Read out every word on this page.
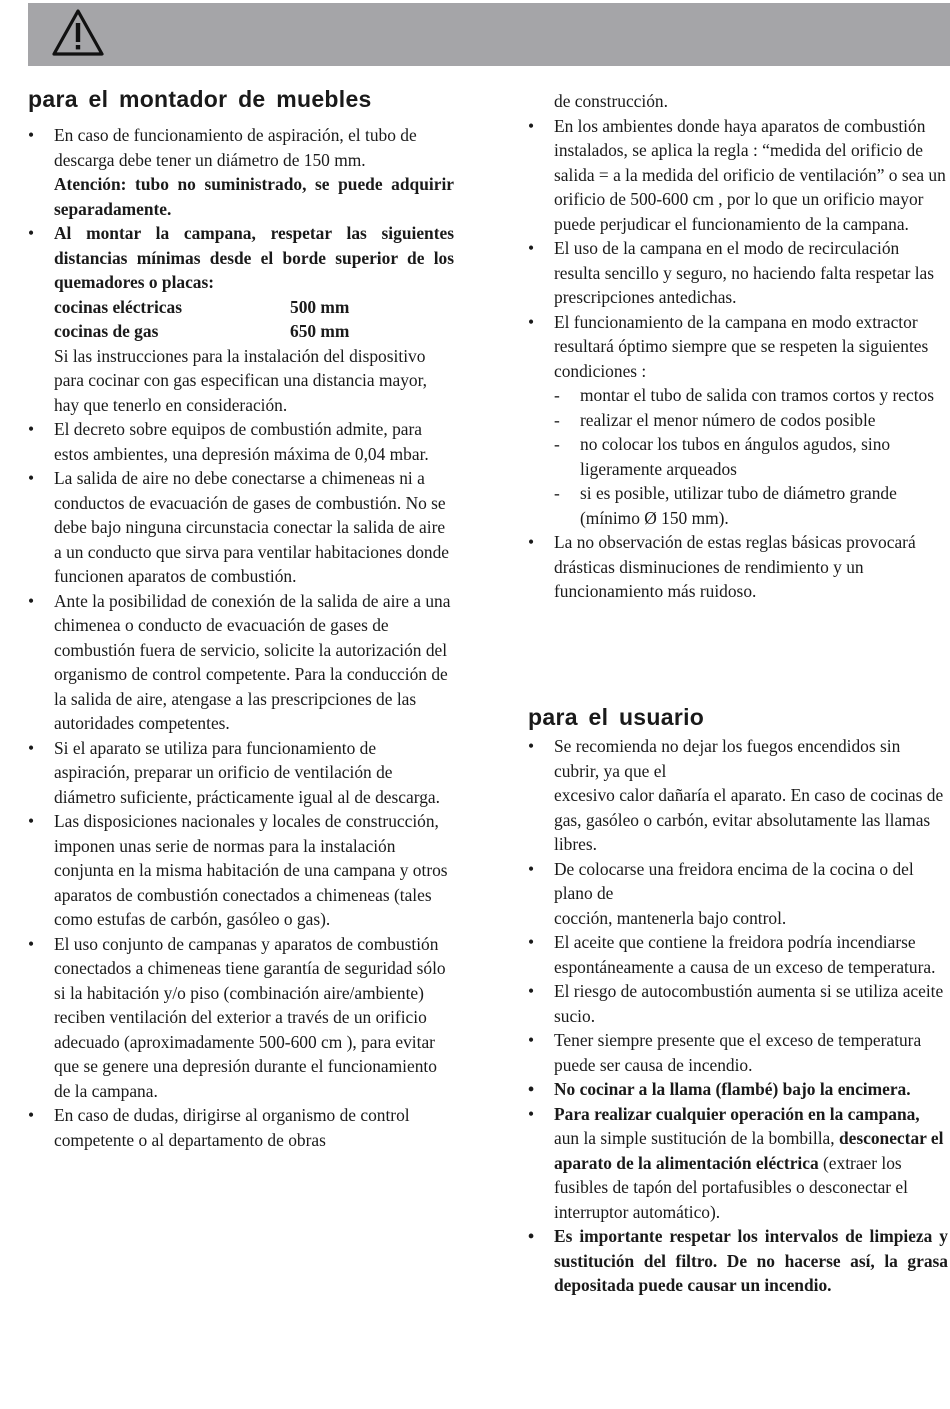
para el montador de muebles
• En caso de funcionamiento de aspiración, el tubo de descarga debe tener un diámetro de 150 mm.
Atención: tubo no suministrado, se puede adquirir separadamente.
• Al montar la campana, respetar las siguientes distancias mínimas desde el borde superior de los quemadores o placas:
cocinas eléctricas	500 mm
cocinas de gas	650 mm
Si las instrucciones para la instalación del dispositivo para cocinar con gas especifican una distancia mayor, hay que tenerlo en consideración.
• El decreto sobre equipos de combustión admite, para estos ambientes, una depresión máxima de 0,04 mbar.
• La salida de aire no debe conectarse a chimeneas ni a conductos de evacuación de gases de combustión. No se debe bajo ninguna circunstacia conectar la salida de aire a un conducto que sirva para ventilar habitaciones donde funcionen aparatos de combustión.
• Ante la posibilidad de conexión de la salida de aire a una chimenea o conducto de evacuación de gases de combustión fuera de servicio, solicite la autorización del organismo de control competente. Para la conducción de la salida de aire, atengase a las prescripciones de las autoridades competentes.
• Si el aparato se utiliza para funcionamiento de aspiración, preparar un orificio de ventilación de diámetro suficiente, prácticamente igual al de descarga.
• Las disposiciones nacionales y locales de construcción, imponen unas serie de normas para la instalación conjunta en la misma habitación de una campana y otros aparatos de combustión conectados a chimeneas (tales como estufas de carbón, gasóleo o gas).
• El uso conjunto de campanas y aparatos de combustión conectados a chimeneas tiene garantía de seguridad sólo si la habitación y/o piso (combinación aire/ambiente) reciben ventilación del exterior a través de un orificio adecuado (aproximadamente 500-600 cm ), para evitar que se genere una depresión durante el funcionamiento de la campana.
• En caso de dudas, dirigirse al organismo de control competente o al departamento de obras
de construcción.
• En los ambientes donde haya aparatos de combustión instalados, se aplica la regla : “medida del orificio de salida = a la medida del orificio de ventilación” o sea un orificio de 500-600 cm , por lo que un orificio mayor puede perjudicar el funcionamiento de la campana.
• El uso de la campana en el modo de recirculación resulta sencillo y seguro, no haciendo falta respetar las prescripciones antedichas.
• El funcionamiento de la campana en modo extractor resultará óptimo siempre que se respeten la siguientes condiciones :
- montar el tubo de salida con tramos cortos y rectos
- realizar el menor número de codos posible
- no colocar los tubos en ángulos agudos, sino ligeramente arqueados
- si es posible, utilizar tubo de diámetro grande (mínimo Ø 150 mm).
• La no observación de estas reglas básicas provocará drásticas disminuciones de rendimiento y un funcionamiento más ruidoso.
para el usuario
• Se recomienda no dejar los fuegos encendidos sin cubrir, ya que el
excesivo calor dañaría el aparato. En caso de cocinas de gas, gasóleo o carbón, evitar absolutamente las llamas libres.
• De colocarse una freidora encima de la cocina o del plano de
cocción, mantenerla bajo control.
• El aceite que contiene la freidora podría incendiarse espontáneamente a causa de un exceso de temperatura.
• El riesgo de autocombustión aumenta si se utiliza aceite sucio.
• Tener siempre presente que el exceso de temperatura puede ser causa de incendio.
• No cocinar a la llama (flambé) bajo la encimera.
• Para realizar cualquier operación en la campana, aun la simple sustitución de la bombilla, desconectar el aparato de la alimentación eléctrica (extraer los fusibles de tapón del portafusibles o desconectar el interruptor automático).
• Es importante respetar los intervalos de limpieza y sustitución del filtro. De no hacerse así, la grasa depositada puede causar un incendio.
